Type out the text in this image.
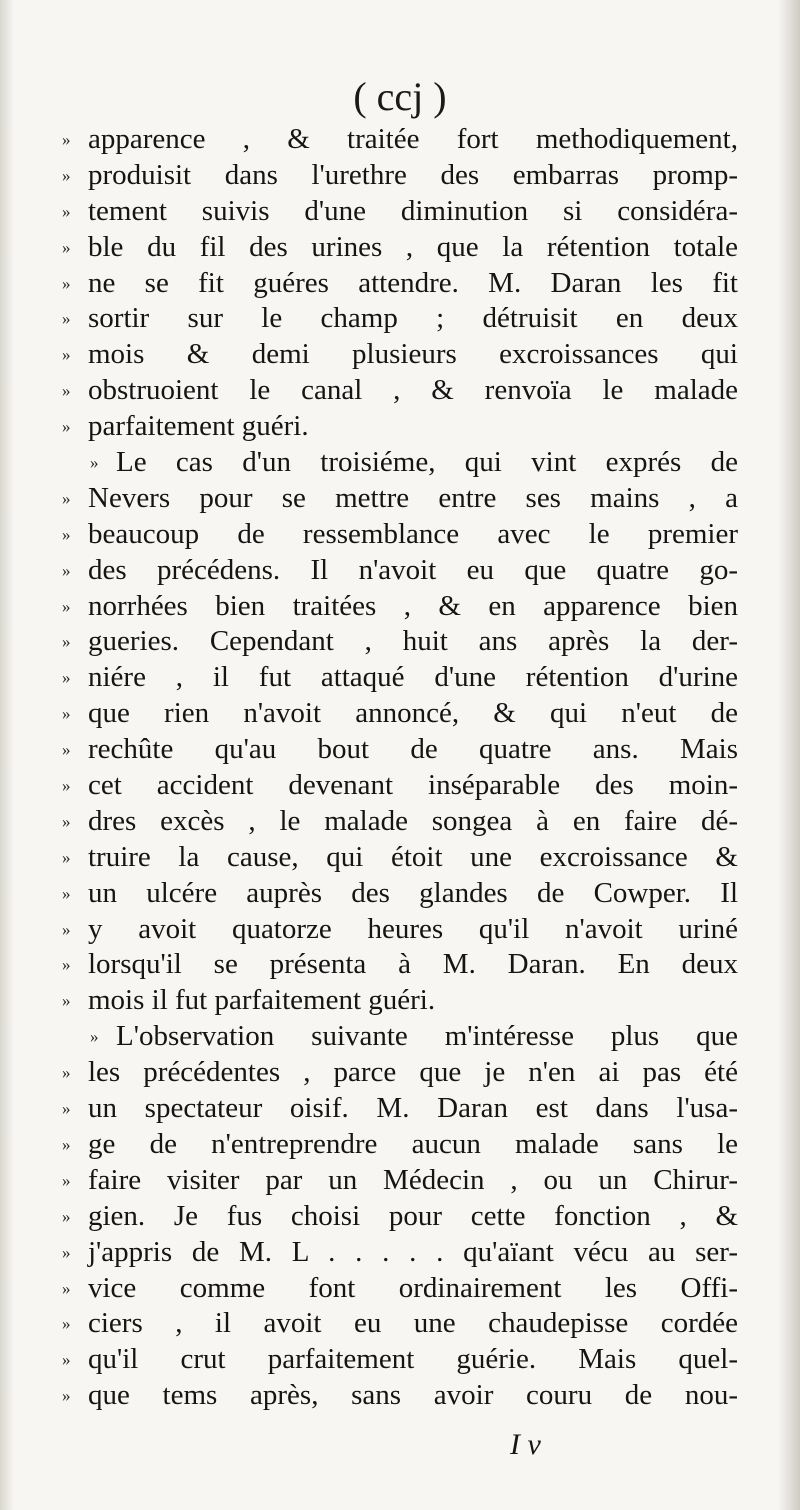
( ccj )
» apparence , & traitée fort methodiquement,
» produisit dans l'urethre des embarras promp-
» tement suivis d'une diminution si considéra-
» ble du fil des urines , que la rétention totale
» ne se fit guéres attendre. M. Daran les fit
» sortir sur le champ ; détruisit en deux
» mois & demi plusieurs excroissances qui
» obstruoient le canal , & renvoïa le malade
» parfaitement guéri.
» Le cas d'un troisiéme, qui vint exprés de
» Nevers pour se mettre entre ses mains , a
» beaucoup de ressemblance avec le premier
» des précédens. Il n'avoit eu que quatre go-
» norrhées bien traitées , & en apparence bien
» gueries. Cependant , huit ans après la der-
» niére , il fut attaqué d'une rétention d'urine
» que rien n'avoit annoncé, & qui n'eut de
» rechûte qu'au bout de quatre ans. Mais
» cet accident devenant inséparable des moin-
» dres excès , le malade songea à en faire dé-
» truire la cause, qui étoit une excroissance &
» un ulcére auprès des glandes de Cowper. Il
» y avoit quatorze heures qu'il n'avoit uriné
» lorsqu'il se présenta à M. Daran. En deux
» mois il fut parfaitement guéri.
» L'observation suivante m'intéresse plus que
» les précédentes , parce que je n'en ai pas été
» un spectateur oisif. M. Daran est dans l'usa-
» ge de n'entreprendre aucun malade sans le
» faire visiter par un Médecin , ou un Chirur-
» gien. Je fus choisi pour cette fonction , &
» j'appris de M. L . . . . . qu'aïant vécu au ser-
» vice comme font ordinairement les Offi-
» ciers , il avoit eu une chaudepisse cordée
» qu'il crut parfaitement guérie. Mais quel-
» que tems après, sans avoir couru de nou-
I v
